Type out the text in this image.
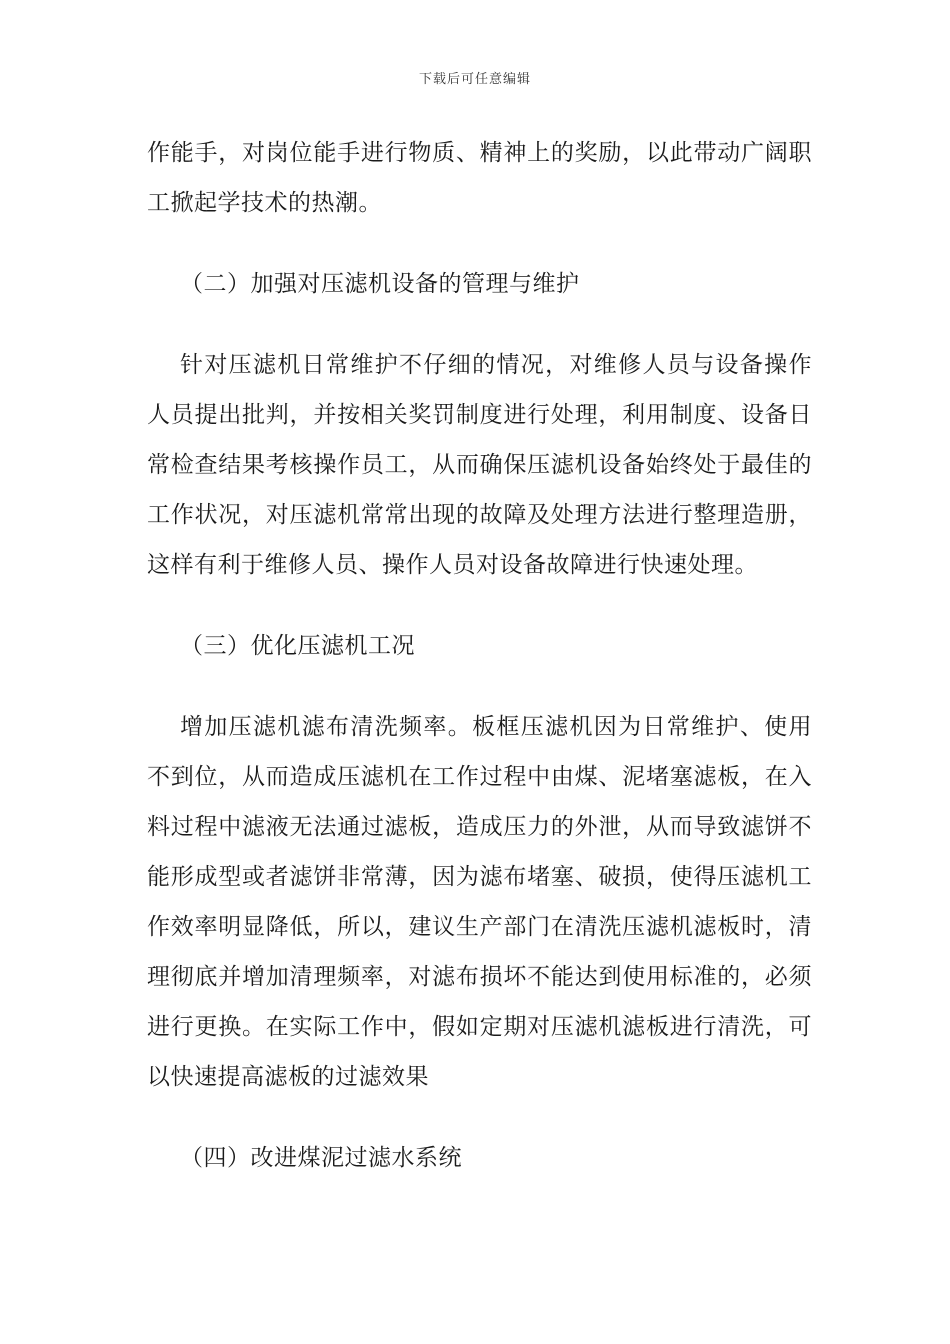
下载后可任意编辑

作能手，对岗位能手进行物质、精神上的奖励，以此带动广阔职工掀起学技术的热潮。

（二）加强对压滤机设备的管理与维护

针对压滤机日常维护不仔细的情况，对维修人员与设备操作人员提出批判，并按相关奖罚制度进行处理，利用制度、设备日常检查结果考核操作员工，从而确保压滤机设备始终处于最佳的工作状况，对压滤机常常出现的故障及处理方法进行整理造册，这样有利于维修人员、操作人员对设备故障进行快速处理。

（三）优化压滤机工况

增加压滤机滤布清洗频率。板框压滤机因为日常维护、使用不到位，从而造成压滤机在工作过程中由煤、泥堵塞滤板，在入料过程中滤液无法通过滤板，造成压力的外泄，从而导致滤饼不能形成型或者滤饼非常薄，因为滤布堵塞、破损，使得压滤机工作效率明显降低，所以，建议生产部门在清洗压滤机滤板时，清理彻底并增加清理频率，对滤布损坏不能达到使用标准的，必须进行更换。在实际工作中，假如定期对压滤机滤板进行清洗，可以快速提高滤板的过滤效果

（四）改进煤泥过滤水系统
